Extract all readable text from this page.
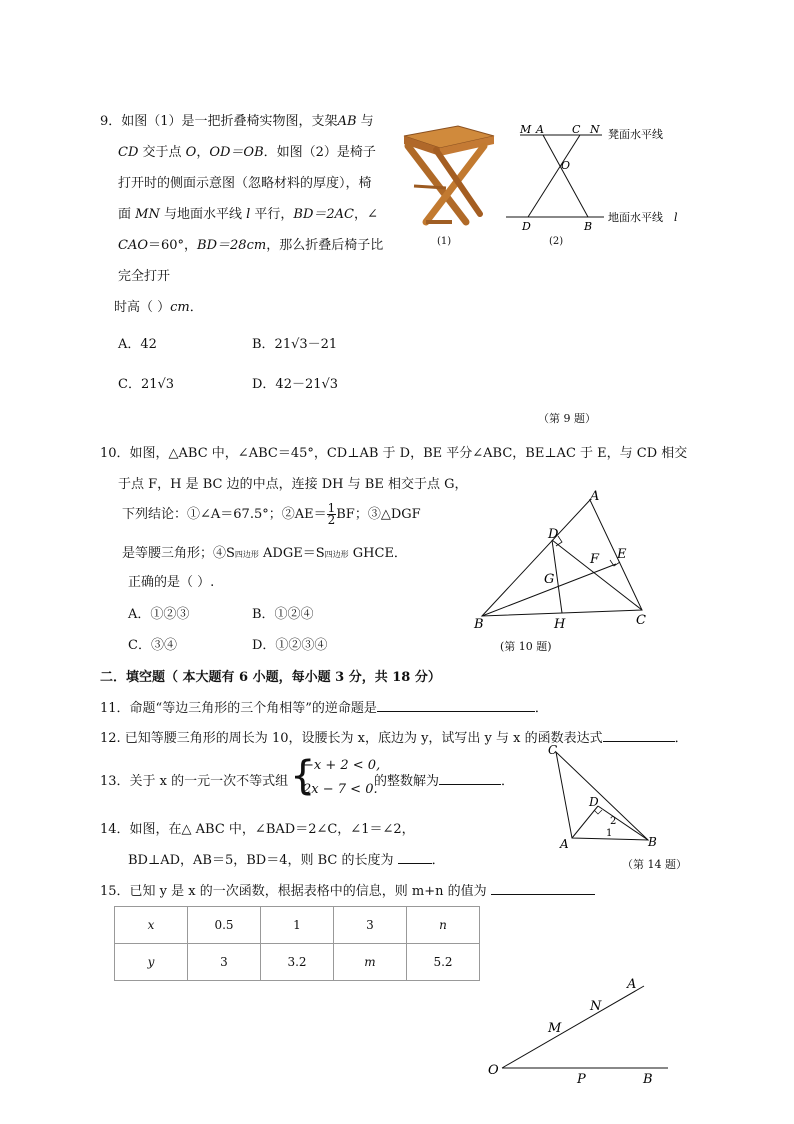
9．如图（1）是一把折叠椅实物图，支架AB 与
CD 交于点 O，OD＝OB．如图（2）是椅子
打开时的侧面示意图（忽略材料的厚度），椅
面 MN 与地面水平线 l 平行，BD＝2AC，∠
CAO＝60°，BD＝28cm，那么折叠后椅子比
完全打开
时高（ ）cm．
A．42	B．21√3－21
C．21√3	D．42－21√3
（第 9 题）
(1)
M A	C N
O
D	B
凳面水平线
地面水平线 l
(2)
10．如图，△ABC 中，∠ABC＝45°，CD⊥AB 于 D，BE 平分∠ABC，BE⊥AC 于 E，与 CD 相交
于点 F，H 是 BC 边的中点，连接 DH 与 BE 相交于点 G，
下列结论：①∠A＝67.5°；②AE＝ $\frac{1}{2}$ BF；③△DGF
是等腰三角形；④S四边形 ADGE＝S四边形 GHCE．
正确的是（ ）.
A．①②③	B．①②④
C．③④	D．①②③④
A
D
E
F
G
B	H	C
(第 10 题)
二．填空题（ 本大题有 6 小题，每小题 3 分，共 18 分）
11．命题“等边三角形的三个角相等”的逆命题是	．
12. 已知等腰三角形的周长为 10，设腰长为 x，底边为 y，试写出 y 与 x 的函数表达式	．
13．关于 x 的一元一次不等式组 {
−x + 2 < 0,
2x − 7 < 0.
的整数解为	．
14．如图，在△ ABC 中，∠BAD＝2∠C，∠1＝∠2，
BD⊥AD，AB＝5，BD＝4，则 BC 的长度为	．
C
D
A	B
2
1
（第 14 题）
15．已知 y 是 x 的一次函数，根据表格中的信息，则 m+n 的值为
x	0.5	1	3	n
y	3	3.2	m	5.2
O
M
N
A
P	B
